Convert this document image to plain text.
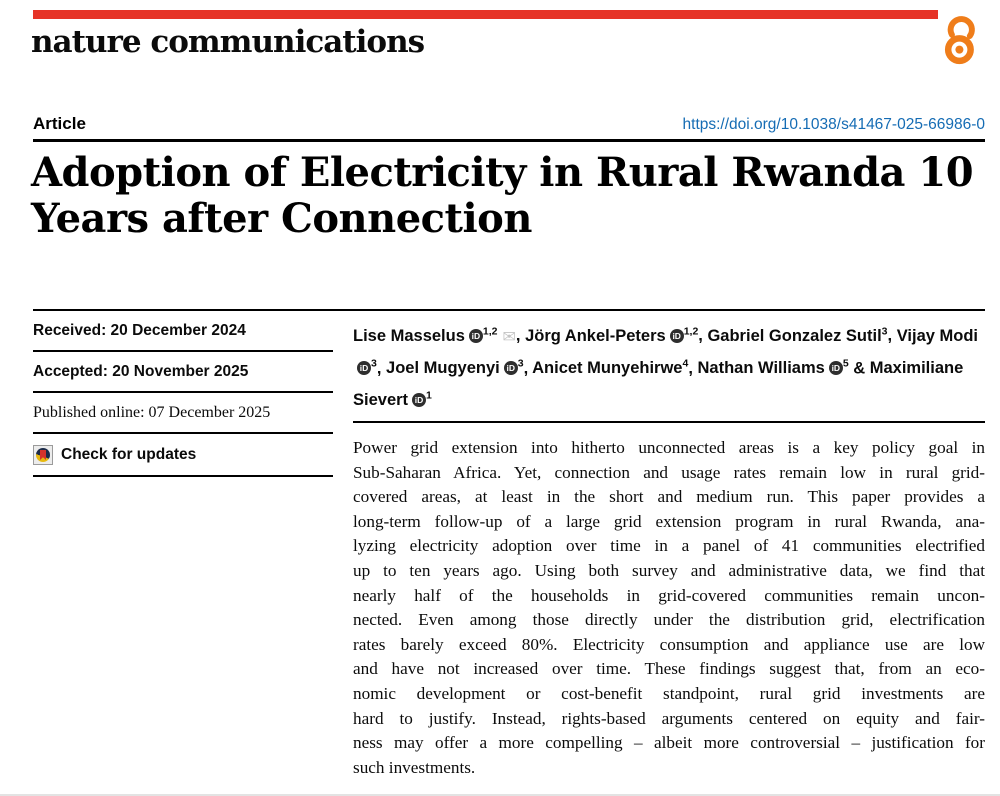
nature communications
Article	https://doi.org/10.1038/s41467-025-66986-0
Adoption of Electricity in Rural Rwanda 10
Years after Connection
Received: 20 December 2024
Accepted: 20 November 2025
Published online: 07 December 2025
Check for updates
Lise Masselus iD $^{1,2}$ ✉, Jörg Ankel-Peters iD $^{1,2}$, Gabriel Gonzalez Sutil$^3$, Vijay ModiiD $^3$, Joel Mugyenyi iD $^3$, Anicet Munyehirwe$^4$, Nathan Williams iD $^5$ & Maximiliane Sievert iD $^1$
Power grid extension into hitherto unconnected areas is a key policy goal in
Sub-Saharan Africa. Yet, connection and usage rates remain low in rural grid-
covered areas, at least in the short and medium run. This paper provides a
long-term follow-up of a large grid extension program in rural Rwanda, ana-
lyzing electricity adoption over time in a panel of 41 communities electrified
up to ten years ago. Using both survey and administrative data, we find that
nearly half of the households in grid-covered communities remain uncon-
nected. Even among those directly under the distribution grid, electrification
rates barely exceed 80%. Electricity consumption and appliance use are low
and have not increased over time. These findings suggest that, from an eco-
nomic development or cost-benefit standpoint, rural grid investments are
hard to justify. Instead, rights-based arguments centered on equity and fair-
ness may offer a more compelling – albeit more controversial – justification for
such investments.
